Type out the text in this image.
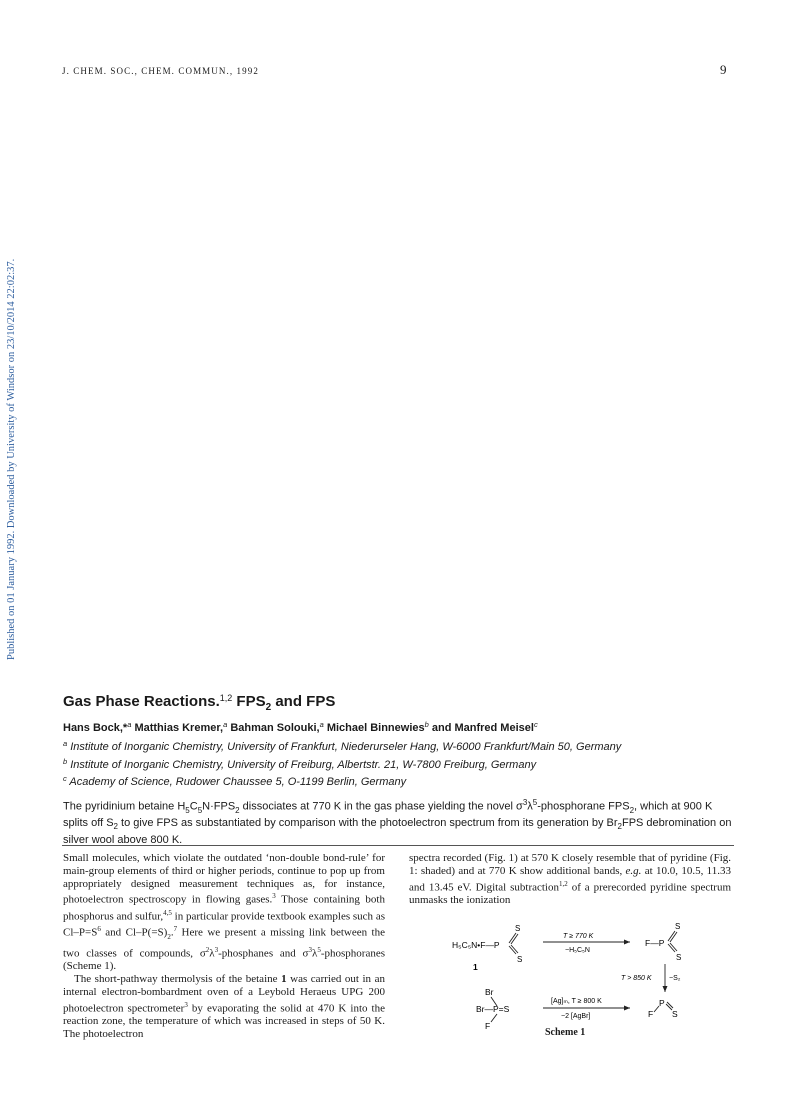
J. CHEM. SOC., CHEM. COMMUN., 1992	9
Published on 01 January 1992. Downloaded by University of Windsor on 23/10/2014 22:02:37.
Gas Phase Reactions.$^{1,2}$ $FPS_2$ and FPS
Hans Bock,*$^a$ Matthias Kremer,$^a$ Bahman Solouki,$^a$ Michael Binnewies$^b$ and Manfred Meisel$^c$
$^a$ Institute of Inorganic Chemistry, University of Frankfurt, Niederurseler Hang, W-6000 Frankfurt/Main 50, Germany
$^b$ Institute of Inorganic Chemistry, University of Freiburg, Albertstr. 21, W-7800 Freiburg, Germany
$^c$ Academy of Science, Rudower Chaussee 5, O-1199 Berlin, Germany
The pyridinium betaine $H_5C_5N\cdot FPS_2$ dissociates at 770 K in the gas phase yielding the novel $\sigma^3\lambda^5$-phosphorane $FPS_2$, which at 900 K splits off $S_2$ to give FPS as substantiated by comparison with the photoelectron spectrum from its generation by $Br_2FPS$ debromination on silver wool above 800 K.

Small molecules, which violate the outdated ‘non-double bond-rule’ for main-group elements of third or higher periods, continue to pop up from appropriately designed measurement techniques as, for instance, photoelectron spectroscopy in flowing gases.$^3$ Those containing both phosphorus and sulfur,$^{4,5}$ in particular provide textbook examples such as $Cl-P=S^6$ and $Cl-P(=S)_2.^7$ Here we present a missing link between the two classes of compounds, $\sigma^2\lambda^3$-phosphanes and $\sigma^3\lambda^5$-phosphoranes (Scheme 1).

The short-pathway thermolysis of the betaine 1 was carried out in an internal electron-bombardment oven of a Leybold Heraeus UPG 200 photoelectron spectrometer$^3$ by evaporating the solid at 470 K into the reaction zone, the temperature of which was increased in steps of 50 K. The photoelectron

spectra recorded (Fig. 1) at 570 K closely resemble that of pyridine (Fig. 1: shaded) and at 770 K show additional bands, e.g. at 10.0, 10.5, 11.33 and 13.45 eV. Digital subtraction$^{1,2}$ of a prerecorded pyridine spectrum unmasks the ionization

H₅C₅N•F—P
S
S
1
T ≥ 770 K
−H₅C₅N
F—P
S
S
T > 850 K −S₂
Br
Br—P=S
F
[Ag]ₘ, T ≥ 800 K
−2 [AgBr]	F
P
S
Scheme 1
